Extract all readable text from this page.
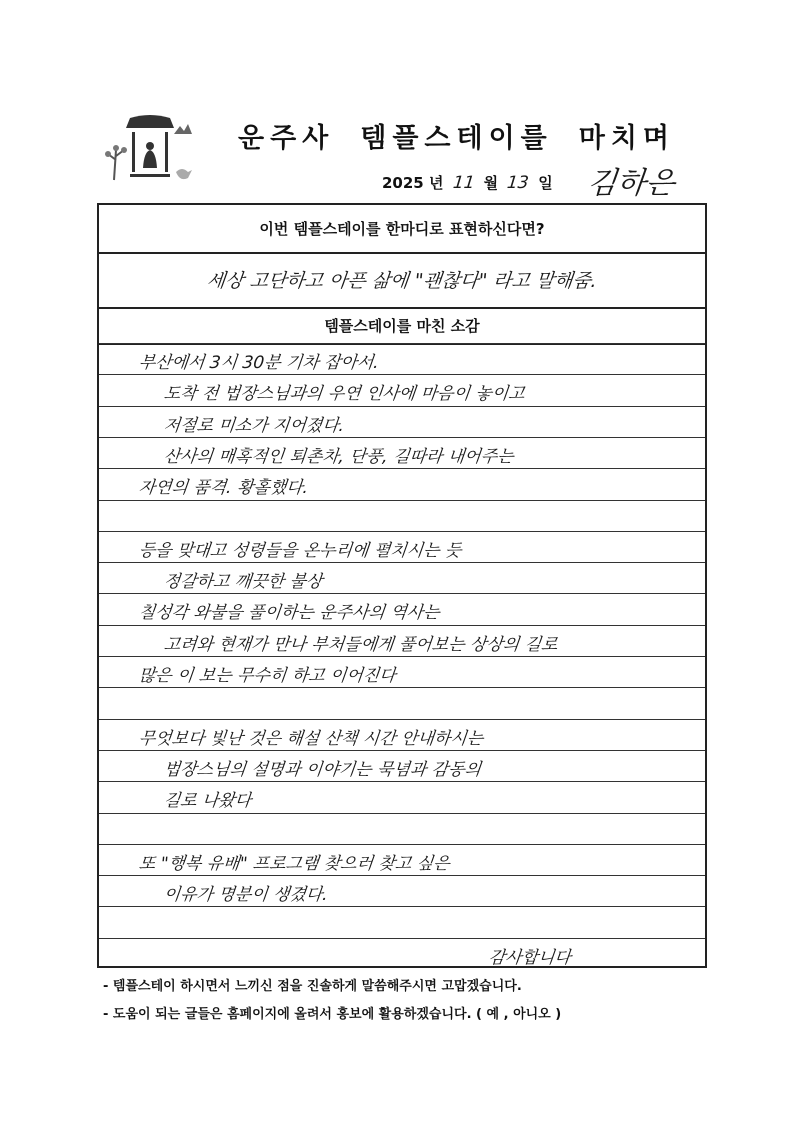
운주사 템플스테이를 마치며
2025 년 11 월 13 일 김하은
이번 템플스테이를 한마디로 표현하신다면?
세상 고단하고 아픈 삶에 "괜찮다" 라고 말해줌.
템플스테이를 마친 소감
부산에서 3시 30분 기차 잡아서.
도착 전 법장스님과의 우연 인사에 마음이 놓이고
저절로 미소가 지어졌다.
산사의 매혹적인 퇴촌차, 단풍, 길따라 내어주는
자연의 품격. 황홀했다.
등을 맞대고 성령들을 온누리에 펼치시는 듯
정갈하고 깨끗한 불상
칠성각 와불을 풀이하는 운주사의 역사는
고려와 현재가 만나 부처들에게 풀어보는 상상의 길로
많은 이 보는 무수히 하고 이어진다
무엇보다 빛난 것은 해설 산책 시간 안내하시는
법장스님의 설명과 이야기는 묵념과 감동의
길로 나왔다
또 "행복 유배" 프로그램 찾으러 찾고 싶은
이유가 명분이 생겼다.
감사합니다
- 템플스테이 하시면서 느끼신 점을 진솔하게 말씀해주시면 고맙겠습니다.
- 도움이 되는 글들은 홈페이지에 올려서 홍보에 활용하겠습니다. ( 예 , 아니오 )
